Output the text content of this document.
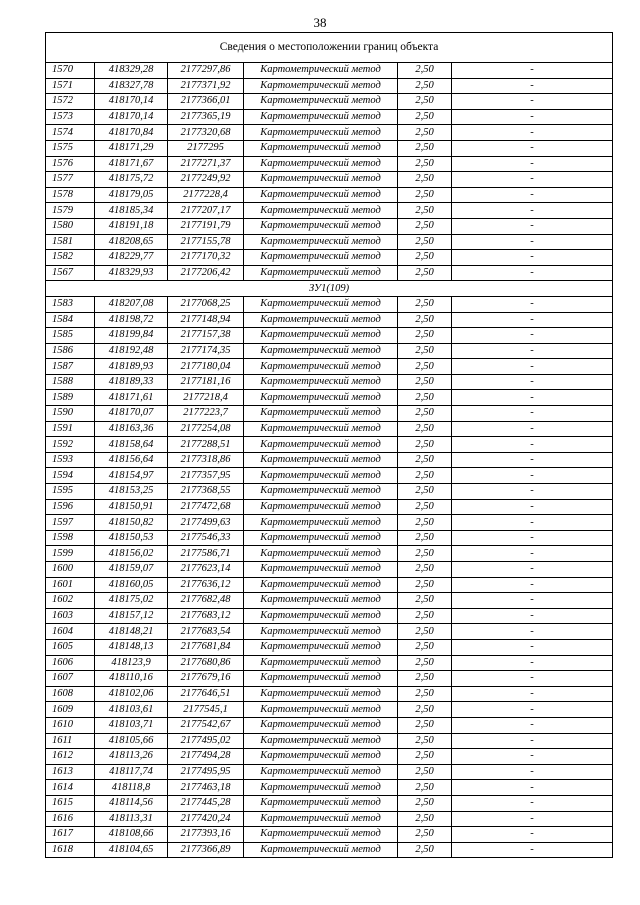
38
Сведения о местоположении границ объекта					
1570	418329,28	2177297,86	Картометрический метод	2,50	-
1571	418327,78	2177371,92	Картометрический метод	2,50	-
1572	418170,14	2177366,01	Картометрический метод	2,50	-
1573	418170,14	2177365,19	Картометрический метод	2,50	-
1574	418170,84	2177320,68	Картометрический метод	2,50	-
1575	418171,29	2177295	Картометрический метод	2,50	-
1576	418171,67	2177271,37	Картометрический метод	2,50	-
1577	418175,72	2177249,92	Картометрический метод	2,50	-
1578	418179,05	2177228,4	Картометрический метод	2,50	-
1579	418185,34	2177207,17	Картометрический метод	2,50	-
1580	418191,18	2177191,79	Картометрический метод	2,50	-
1581	418208,65	2177155,78	Картометрический метод	2,50	-
1582	418229,77	2177170,32	Картометрический метод	2,50	-
1567	418329,93	2177206,42	Картометрический метод	2,50	-
ЗУ1(109)					
1583	418207,08	2177068,25	Картометрический метод	2,50	-
1584	418198,72	2177148,94	Картометрический метод	2,50	-
1585	418199,84	2177157,38	Картометрический метод	2,50	-
1586	418192,48	2177174,35	Картометрический метод	2,50	-
1587	418189,93	2177180,04	Картометрический метод	2,50	-
1588	418189,33	2177181,16	Картометрический метод	2,50	-
1589	418171,61	2177218,4	Картометрический метод	2,50	-
1590	418170,07	2177223,7	Картометрический метод	2,50	-
1591	418163,36	2177254,08	Картометрический метод	2,50	-
1592	418158,64	2177288,51	Картометрический метод	2,50	-
1593	418156,64	2177318,86	Картометрический метод	2,50	-
1594	418154,97	2177357,95	Картометрический метод	2,50	-
1595	418153,25	2177368,55	Картометрический метод	2,50	-
1596	418150,91	2177472,68	Картометрический метод	2,50	-
1597	418150,82	2177499,63	Картометрический метод	2,50	-
1598	418150,53	2177546,33	Картометрический метод	2,50	-
1599	418156,02	2177586,71	Картометрический метод	2,50	-
1600	418159,07	2177623,14	Картометрический метод	2,50	-
1601	418160,05	2177636,12	Картометрический метод	2,50	-
1602	418175,02	2177682,48	Картометрический метод	2,50	-
1603	418157,12	2177683,12	Картометрический метод	2,50	-
1604	418148,21	2177683,54	Картометрический метод	2,50	-
1605	418148,13	2177681,84	Картометрический метод	2,50	-
1606	418123,9	2177680,86	Картометрический метод	2,50	-
1607	418110,16	2177679,16	Картометрический метод	2,50	-
1608	418102,06	2177646,51	Картометрический метод	2,50	-
1609	418103,61	2177545,1	Картометрический метод	2,50	-
1610	418103,71	2177542,67	Картометрический метод	2,50	-
1611	418105,66	2177495,02	Картометрический метод	2,50	-
1612	418113,26	2177494,28	Картометрический метод	2,50	-
1613	418117,74	2177495,95	Картометрический метод	2,50	-
1614	418118,8	2177463,18	Картометрический метод	2,50	-
1615	418114,56	2177445,28	Картометрический метод	2,50	-
1616	418113,31	2177420,24	Картометрический метод	2,50	-
1617	418108,66	2177393,16	Картометрический метод	2,50	-
1618	418104,65	2177366,89	Картометрический метод	2,50	-
